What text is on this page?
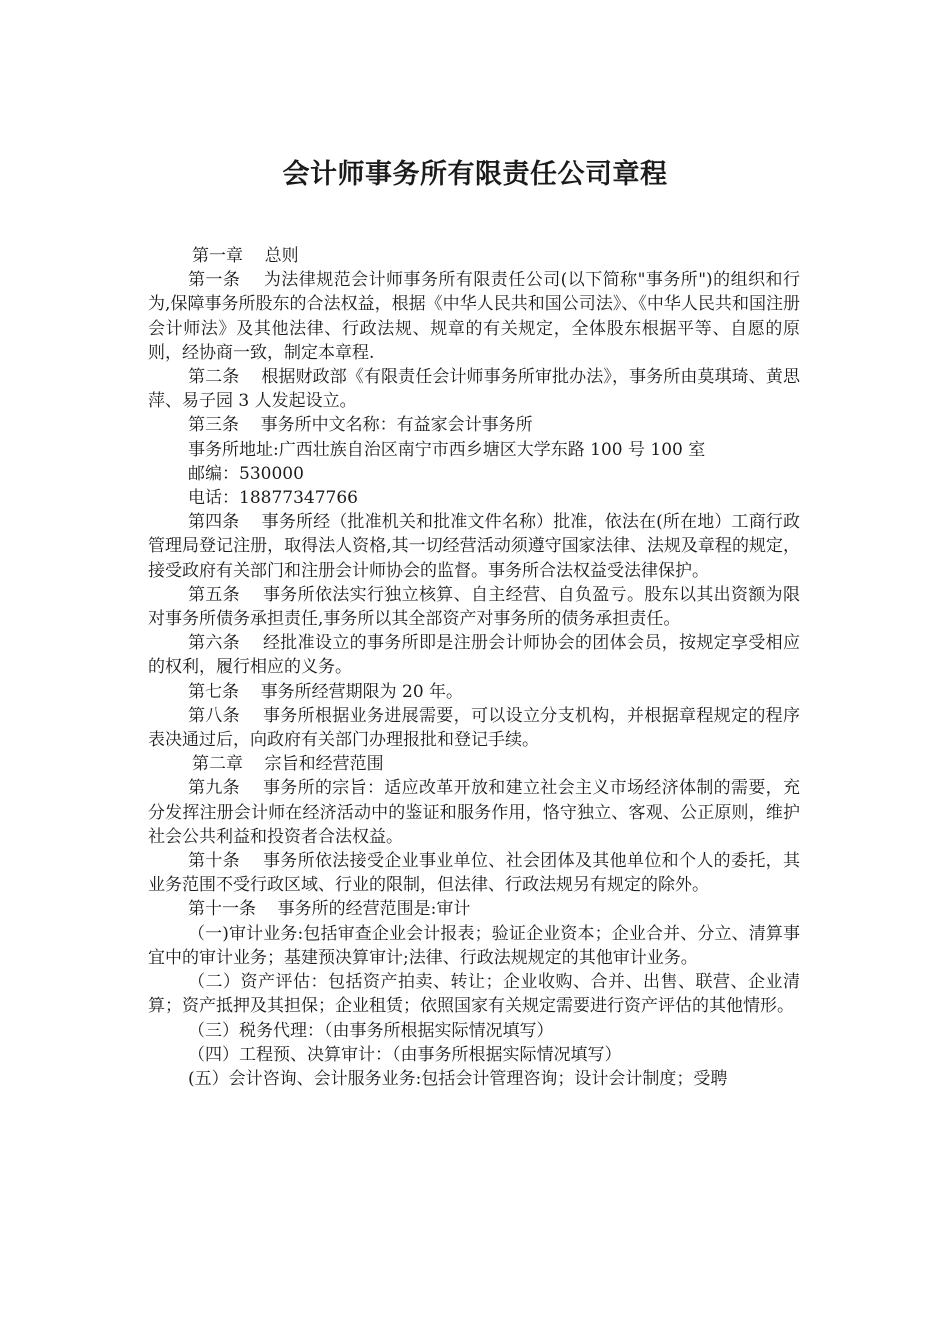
会计师事务所有限责任公司章程

第一章    总则

第一条    为法律规范会计师事务所有限责任公司(以下简称"事务所")的组织和行为,保障事务所股东的合法权益，根据《中华人民共和国公司法》、《中华人民共和国注册会计师法》及其他法律、行政法规、规章的有关规定，全体股东根据平等、自愿的原则，经协商一致，制定本章程.

第二条    根据财政部《有限责任会计师事务所审批办法》，事务所由莫琪琦、黄思萍、易子园 3 人发起设立。

第三条    事务所中文名称：有益家会计事务所

事务所地址:广西壮族自治区南宁市西乡塘区大学东路 100 号 100 室

邮编：530000

电话：18877347766

第四条    事务所经（批准机关和批准文件名称）批准，依法在(所在地）工商行政管理局登记注册，取得法人资格,其一切经营活动须遵守国家法律、法规及章程的规定，接受政府有关部门和注册会计师协会的监督。事务所合法权益受法律保护。

第五条    事务所依法实行独立核算、自主经营、自负盈亏。股东以其出资额为限对事务所债务承担责任,事务所以其全部资产对事务所的债务承担责任。

第六条    经批准设立的事务所即是注册会计师协会的团体会员，按规定享受相应的权利，履行相应的义务。

第七条    事务所经营期限为 20 年。

第八条    事务所根据业务进展需要，可以设立分支机构，并根据章程规定的程序表决通过后，向政府有关部门办理报批和登记手续。

第二章    宗旨和经营范围

第九条    事务所的宗旨：适应改革开放和建立社会主义市场经济体制的需要，充分发挥注册会计师在经济活动中的鉴证和服务作用，恪守独立、客观、公正原则，维护社会公共利益和投资者合法权益。

第十条    事务所依法接受企业事业单位、社会团体及其他单位和个人的委托，其业务范围不受行政区域、行业的限制，但法律、行政法规另有规定的除外。

第十一条    事务所的经营范围是:审计

（一)审计业务:包括审查企业会计报表；验证企业资本；企业合并、分立、清算事宜中的审计业务；基建预决算审计;法律、行政法规规定的其他审计业务。

（二）资产评估：包括资产拍卖、转让；企业收购、合并、出售、联营、企业清算；资产抵押及其担保；企业租赁；依照国家有关规定需要进行资产评估的其他情形。

（三）税务代理：（由事务所根据实际情况填写）

（四）工程预、决算审计：（由事务所根据实际情况填写）

(五）会计咨询、会计服务业务:包括会计管理咨询；设计会计制度；受聘
